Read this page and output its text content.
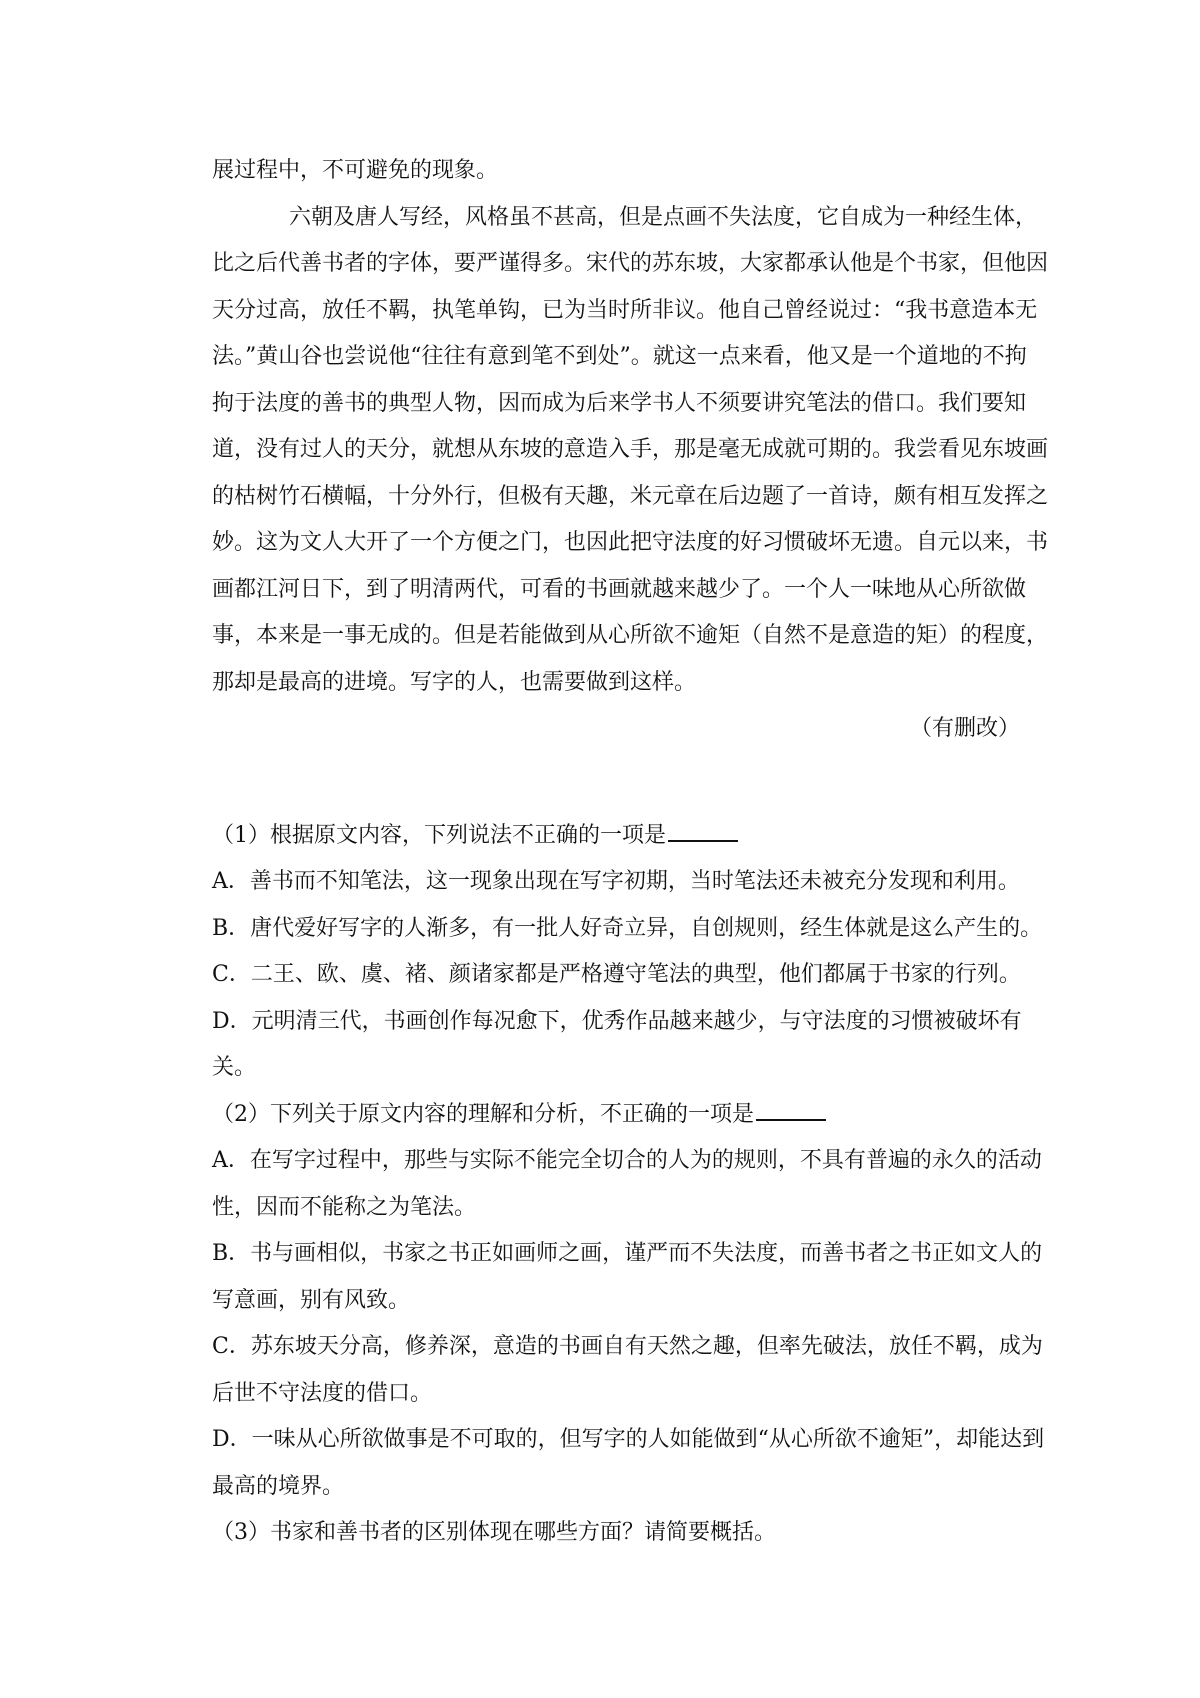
展过程中，不可避免的现象。
六朝及唐人写经，风格虽不甚高，但是点画不失法度，它自成为一种经生体，
比之后代善书者的字体，要严谨得多。宋代的苏东坡，大家都承认他是个书家，但他因
天分过高，放任不羁，执笔单钩，已为当时所非议。他自己曾经说过：“我书意造本无
法。”黄山谷也尝说他“往往有意到笔不到处”。就这一点来看，他又是一个道地的不拘
拘于法度的善书的典型人物，因而成为后来学书人不须要讲究笔法的借口。我们要知
道，没有过人的天分，就想从东坡的意造入手，那是毫无成就可期的。我尝看见东坡画
的枯树竹石横幅，十分外行，但极有天趣，米元章在后边题了一首诗，颇有相互发挥之
妙。这为文人大开了一个方便之门，也因此把守法度的好习惯破坏无遗。自元以来，书
画都江河日下，到了明清两代，可看的书画就越来越少了。一个人一味地从心所欲做
事，本来是一事无成的。但是若能做到从心所欲不逾矩（自然不是意造的矩）的程度，
那却是最高的进境。写字的人，也需要做到这样。
（有删改）
（1）根据原文内容，下列说法不正确的一项是
A．善书而不知笔法，这一现象出现在写字初期，当时笔法还未被充分发现和利用。
B．唐代爱好写字的人渐多，有一批人好奇立异，自创规则，经生体就是这么产生的。
C．二王、欧、虞、褚、颜诸家都是严格遵守笔法的典型，他们都属于书家的行列。
D．元明清三代，书画创作每况愈下，优秀作品越来越少，与守法度的习惯被破坏有
关。
（2）下列关于原文内容的理解和分析，不正确的一项是
A．在写字过程中，那些与实际不能完全切合的人为的规则，不具有普遍的永久的活动
性，因而不能称之为笔法。
B．书与画相似，书家之书正如画师之画，谨严而不失法度，而善书者之书正如文人的
写意画，别有风致。
C．苏东坡天分高，修养深，意造的书画自有天然之趣，但率先破法，放任不羁，成为
后世不守法度的借口。
D．一味从心所欲做事是不可取的，但写字的人如能做到“从心所欲不逾矩”，却能达到
最高的境界。
（3）书家和善书者的区别体现在哪些方面？请简要概括。
